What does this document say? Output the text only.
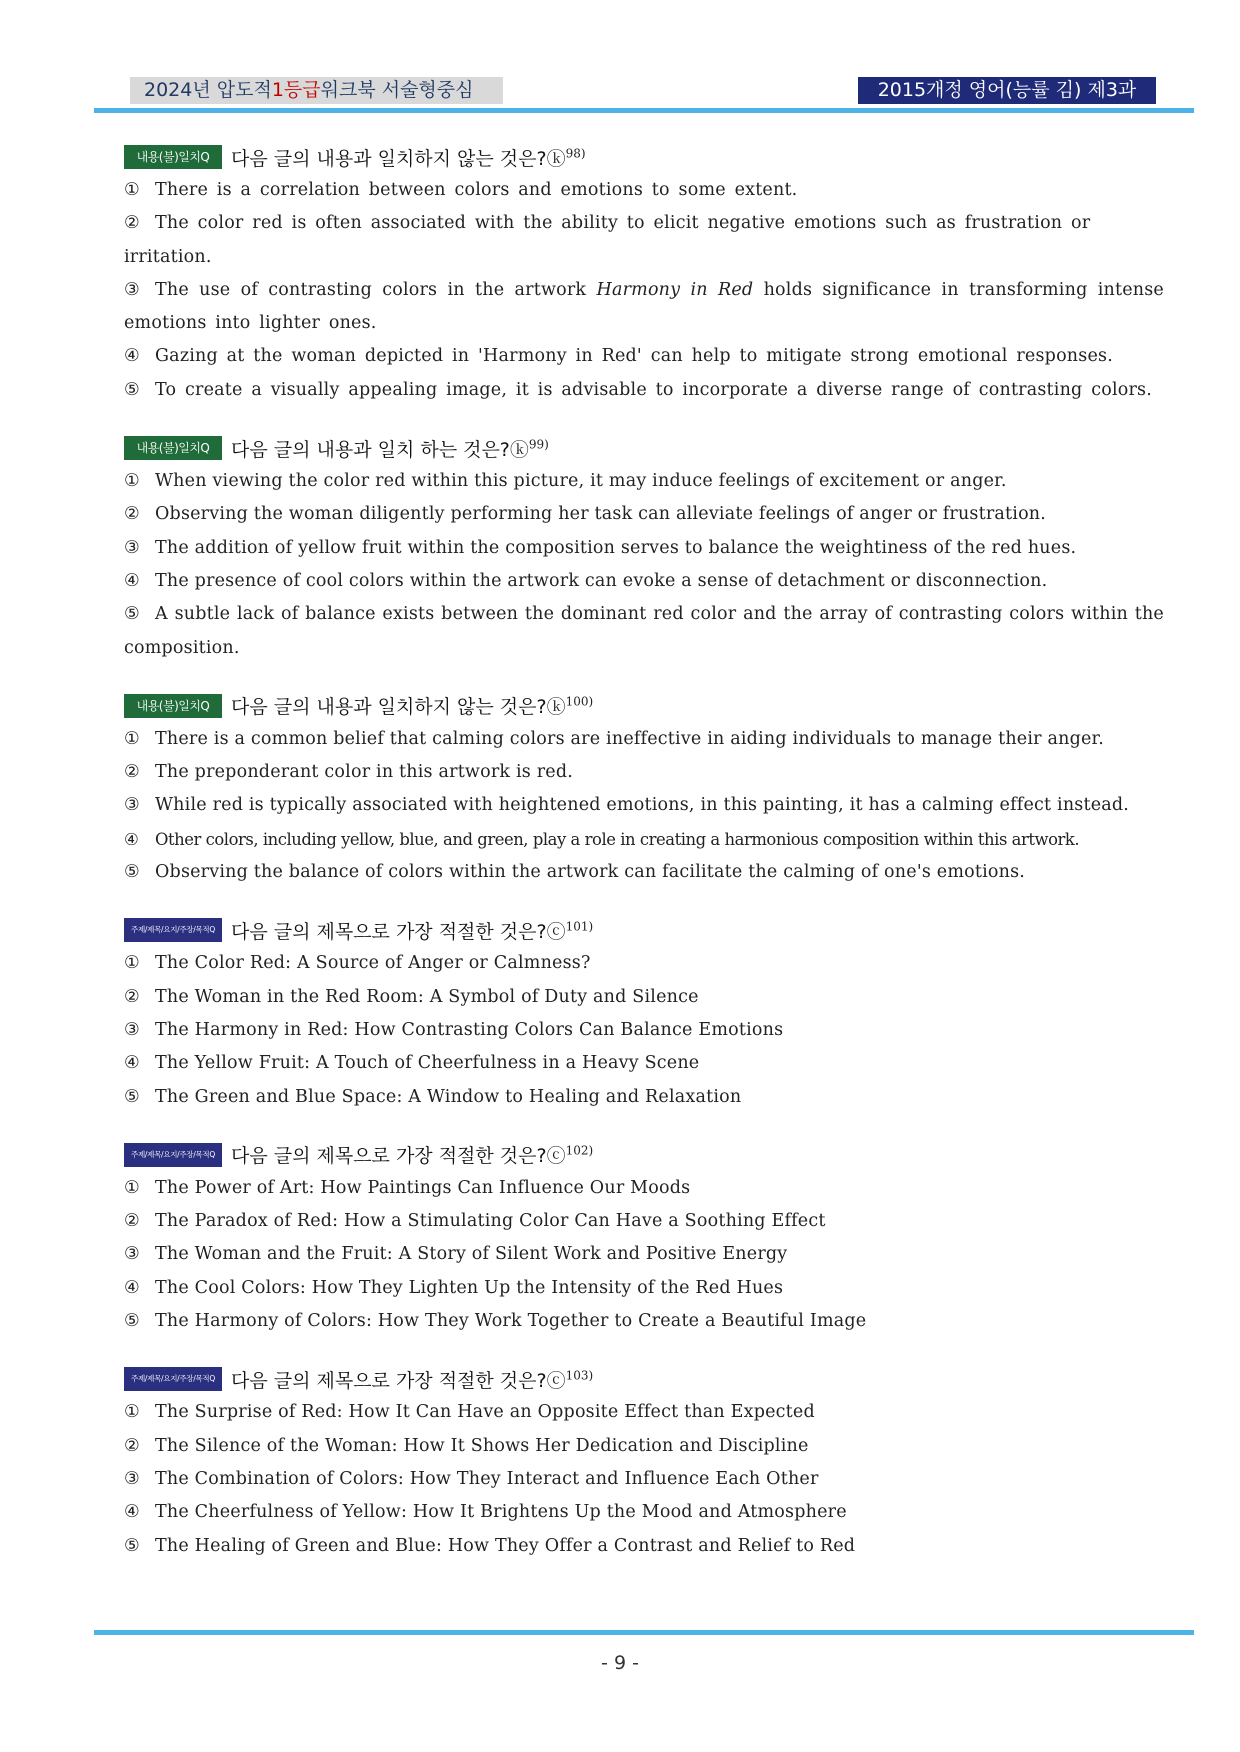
2024년 압도적1등급워크북 서술형중심	2015개정 영어(능률 김) 제3과
내용(불)일치Q	다음 글의 내용과 일치하지 않는 것은? ⓚ$^{98)}$
① There is a correlation between colors and emotions to some extent.
② The color red is often associated with the ability to elicit negative emotions such as frustration or irritation.
③ The use of contrasting colors in the artwork Harmony in Red holds significance in transforming intense emotions into lighter ones.
④ Gazing at the woman depicted in 'Harmony in Red' can help to mitigate strong emotional responses.
⑤ To create a visually appealing image, it is advisable to incorporate a diverse range of contrasting colors.
내용(불)일치Q	다음 글의 내용과 일치 하는 것은? ⓚ$^{99)}$
① When viewing the color red within this picture, it may induce feelings of excitement or anger.
② Observing the woman diligently performing her task can alleviate feelings of anger or frustration.
③ The addition of yellow fruit within the composition serves to balance the weightiness of the red hues.
④ The presence of cool colors within the artwork can evoke a sense of detachment or disconnection.
⑤ A subtle lack of balance exists between the dominant red color and the array of contrasting colors within the composition.
내용(불)일치Q	다음 글의 내용과 일치하지 않는 것은? ⓚ$^{100)}$
① There is a common belief that calming colors are ineffective in aiding individuals to manage their anger.
② The preponderant color in this artwork is red.
③ While red is typically associated with heightened emotions, in this painting, it has a calming effect instead.
④ Other colors, including yellow, blue, and green, play a role in creating a harmonious composition within this artwork.
⑤ Observing the balance of colors within the artwork can facilitate the calming of one's emotions.
주제/제목/요지/주장/목적Q 다음 글의 제목으로 가장 적절한 것은? ⓒ$^{101)}$
① The Color Red: A Source of Anger or Calmness?
② The Woman in the Red Room: A Symbol of Duty and Silence
③ The Harmony in Red: How Contrasting Colors Can Balance Emotions
④ The Yellow Fruit: A Touch of Cheerfulness in a Heavy Scene
⑤ The Green and Blue Space: A Window to Healing and Relaxation
주제/제목/요지/주장/목적Q 다음 글의 제목으로 가장 적절한 것은? ⓒ$^{102)}$
① The Power of Art: How Paintings Can Influence Our Moods
② The Paradox of Red: How a Stimulating Color Can Have a Soothing Effect
③ The Woman and the Fruit: A Story of Silent Work and Positive Energy
④ The Cool Colors: How They Lighten Up the Intensity of the Red Hues
⑤ The Harmony of Colors: How They Work Together to Create a Beautiful Image
주제/제목/요지/주장/목적Q 다음 글의 제목으로 가장 적절한 것은? ⓒ$^{103)}$
① The Surprise of Red: How It Can Have an Opposite Effect than Expected
② The Silence of the Woman: How It Shows Her Dedication and Discipline
③ The Combination of Colors: How They Interact and Influence Each Other
④ The Cheerfulness of Yellow: How It Brightens Up the Mood and Atmosphere
⑤ The Healing of Green and Blue: How They Offer a Contrast and Relief to Red
- 9 -
